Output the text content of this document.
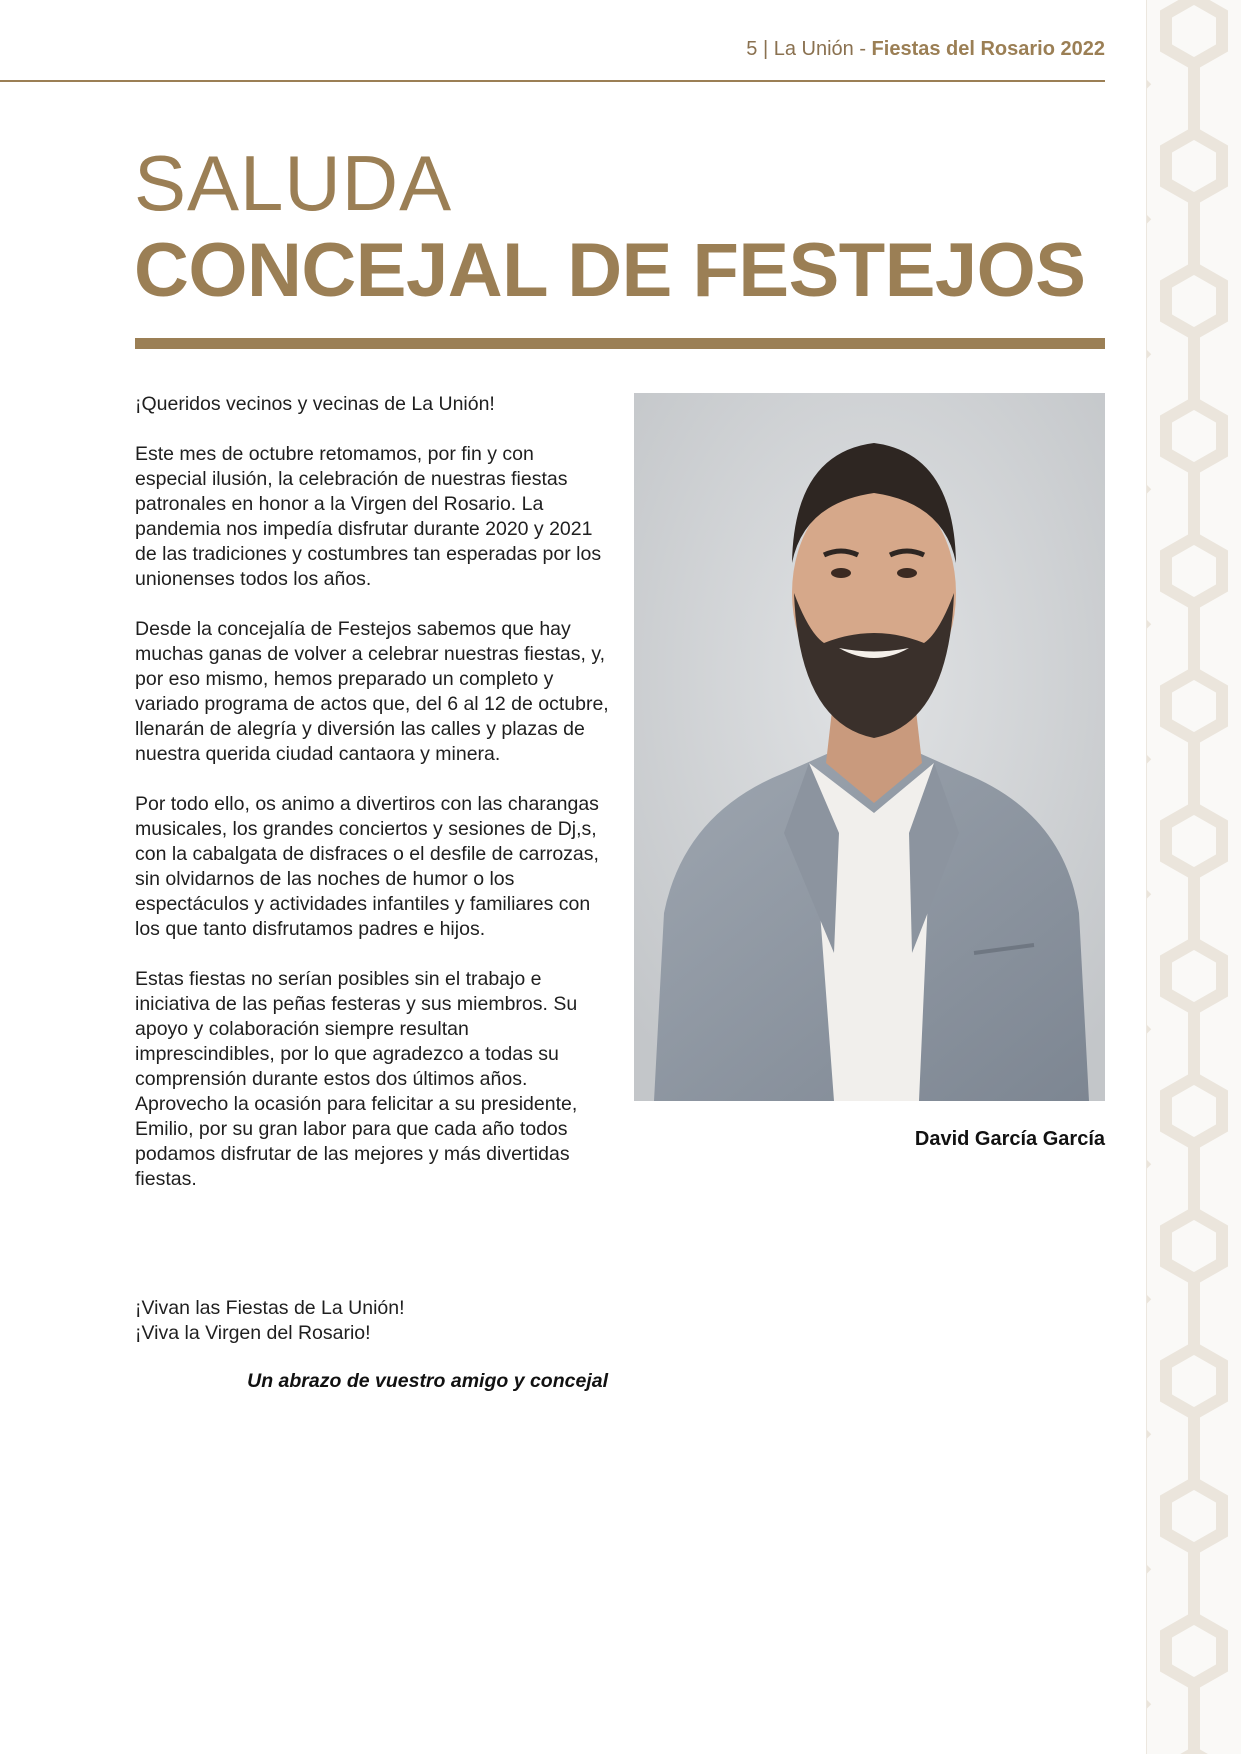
5 | La Unión - Fiestas del Rosario 2022
SALUDA
CONCEJAL DE FESTEJOS

¡Queridos vecinos y vecinas de La Unión!

Este mes de octubre retomamos, por fin y con especial ilusión, la celebración de nuestras fiestas patronales en honor a la Virgen del Rosario. La pandemia nos impedía disfrutar durante 2020 y 2021 de las tradiciones y costumbres tan esperadas por los unionenses todos los años.

Desde la concejalía de Festejos sabemos que hay muchas ganas de volver a celebrar nuestras fiestas, y, por eso mismo, hemos preparado un completo y variado programa de actos que, del 6 al 12 de octubre, llenarán de alegría y diversión las calles y plazas de nuestra querida ciudad cantaora y minera.

Por todo ello, os animo a divertiros con las charangas musicales, los grandes conciertos y sesiones de Dj,s, con la cabalgata de disfraces o el desfile de carrozas, sin olvidarnos de las noches de humor o los espectáculos y actividades infantiles y familiares con los que tanto disfrutamos padres e hijos.

Estas fiestas no serían posibles sin el trabajo e iniciativa de las peñas festeras y sus miembros. Su apoyo y colaboración siempre resultan imprescindibles, por lo que agradezco a todas su comprensión durante estos dos últimos años. Aprovecho la ocasión para felicitar a su presidente, Emilio, por su gran labor para que cada año todos podamos disfrutar de las mejores y más divertidas fiestas.

¡Vivan las Fiestas de La Unión!

¡Viva la Virgen del Rosario!

Un abrazo de vuestro amigo y concejal
David García García
